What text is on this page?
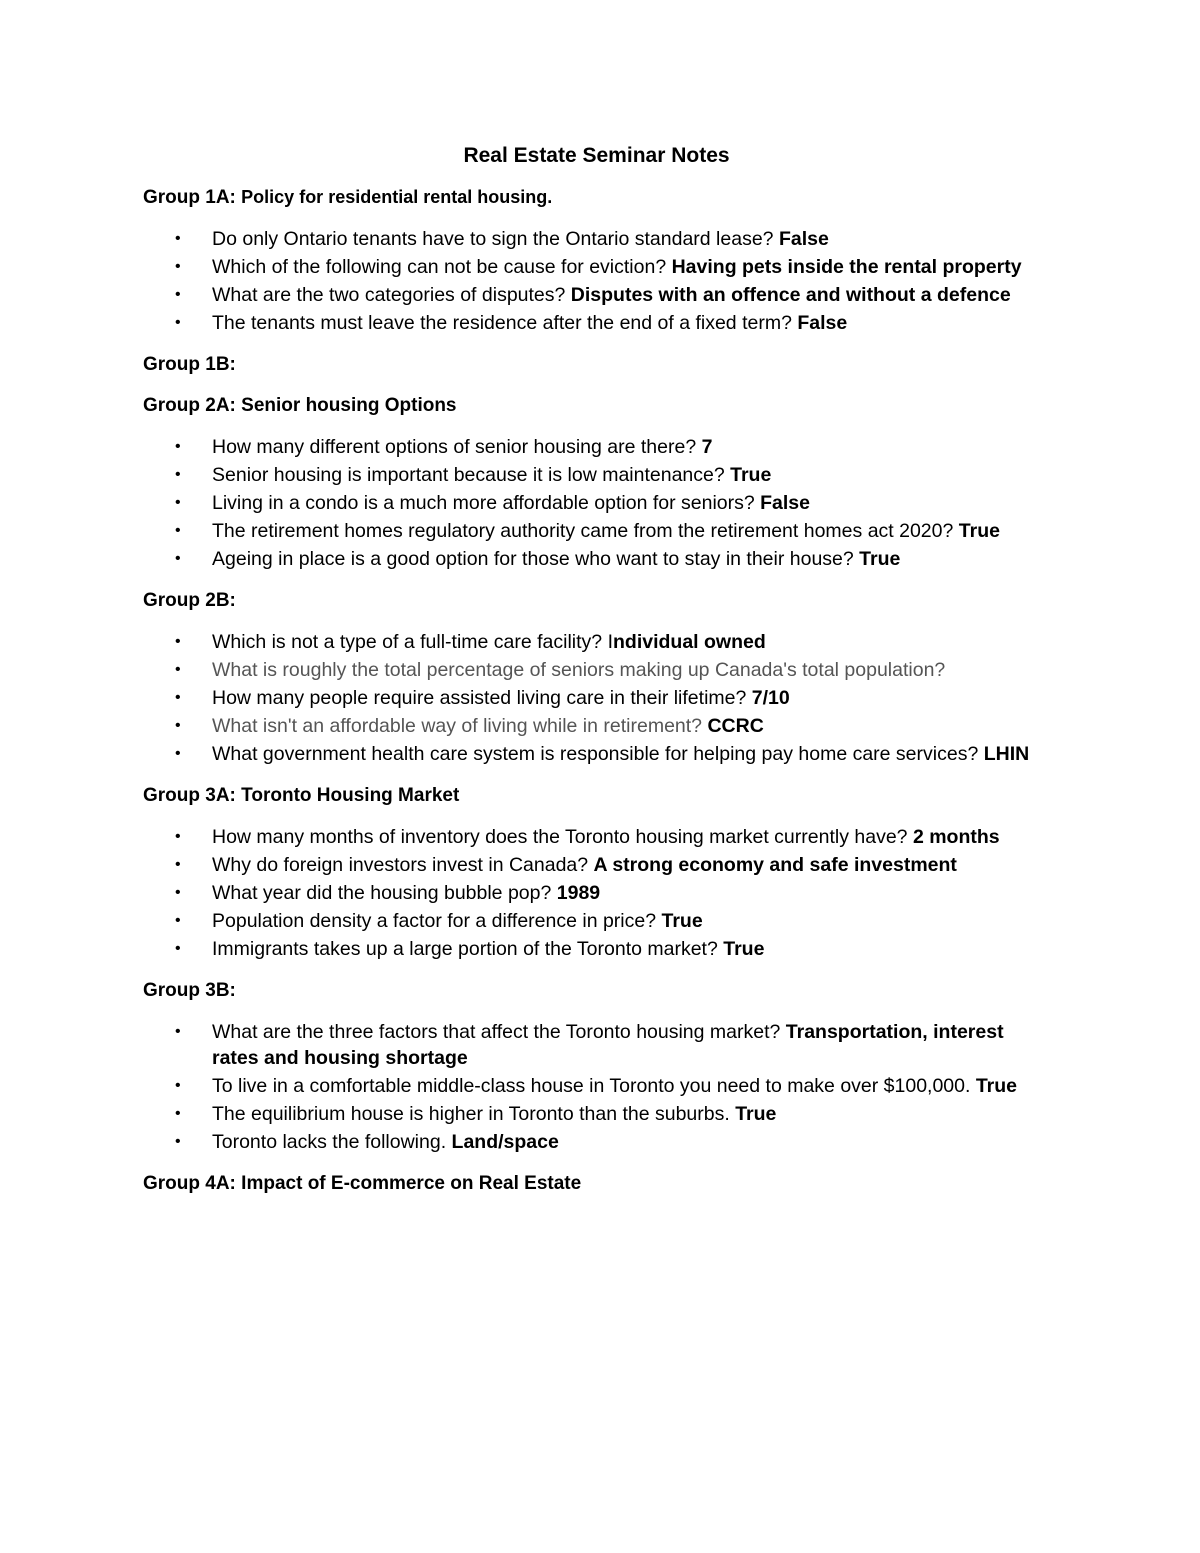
Real Estate Seminar Notes
Group 1A: Policy for residential rental housing.
• Do only Ontario tenants have to sign the Ontario standard lease? False
• Which of the following can not be cause for eviction? Having pets inside the rental property
• What are the two categories of disputes? Disputes with an offence and without a defence
• The tenants must leave the residence after the end of a fixed term? False
Group 1B:
Group 2A: Senior housing Options
• How many different options of senior housing are there? 7
• Senior housing is important because it is low maintenance? True
• Living in a condo is a much more affordable option for seniors? False
• The retirement homes regulatory authority came from the retirement homes act 2020? True
• Ageing in place is a good option for those who want to stay in their house? True
Group 2B:
• Which is not a type of a full-time care facility? Individual owned
• What is roughly the total percentage of seniors making up Canada's total population?
• How many people require assisted living care in their lifetime? 7/10
• What isn't an affordable way of living while in retirement? CCRC
• What government health care system is responsible for helping pay home care services? LHIN
Group 3A: Toronto Housing Market
• How many months of inventory does the Toronto housing market currently have? 2 months
• Why do foreign investors invest in Canada? A strong economy and safe investment
• What year did the housing bubble pop? 1989
• Population density a factor for a difference in price? True
• Immigrants takes up a large portion of the Toronto market? True
Group 3B:
• What are the three factors that affect the Toronto housing market? Transportation, interest rates and housing shortage
• To live in a comfortable middle-class house in Toronto you need to make over $100,000. True
• The equilibrium house is higher in Toronto than the suburbs. True
• Toronto lacks the following. Land/space
Group 4A: Impact of E-commerce on Real Estate
